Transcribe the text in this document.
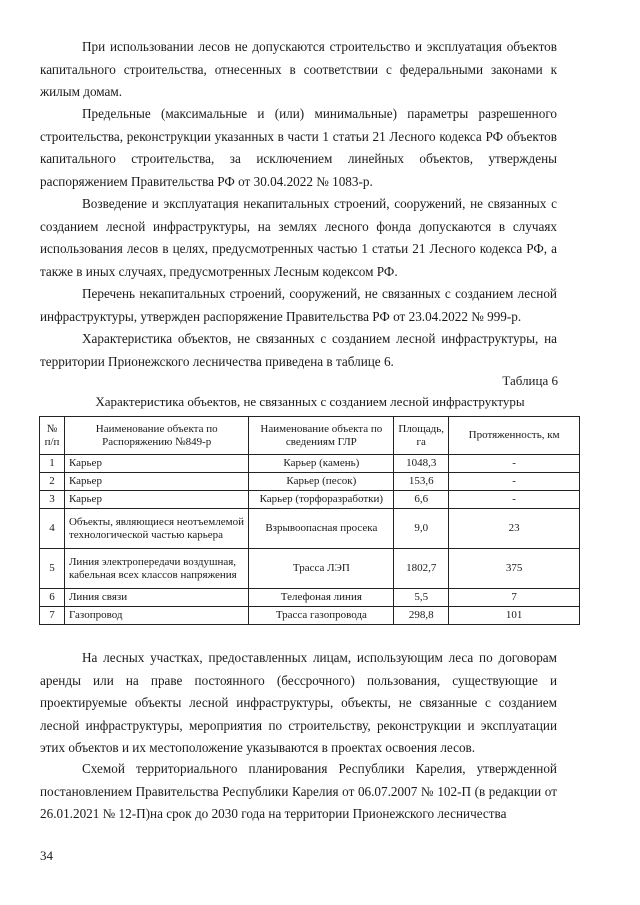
При использовании лесов не допускаются строительство и эксплуатация объектов капитального строительства, отнесенных в соответствии с федеральными законами к жилым домам.

Предельные (максимальные и (или) минимальные) параметры разрешенного строительства, реконструкции указанных в части 1 статьи 21 Лесного кодекса РФ объектов капитального строительства, за исключением линейных объектов, утверждены распоряжением Правительства РФ от 30.04.2022 № 1083-р.

Возведение и эксплуатация некапитальных строений, сооружений, не связанных с созданием лесной инфраструктуры, на землях лесного фонда допускаются в случаях использования лесов в целях, предусмотренных частью 1 статьи 21 Лесного кодекса РФ, а также в иных случаях, предусмотренных Лесным кодексом РФ.

Перечень некапитальных строений, сооружений, не связанных с созданием лесной инфраструктуры, утвержден распоряжение Правительства РФ от 23.04.2022 № 999-р.

Характеристика объектов, не связанных с созданием лесной инфраструктуры, на территории Прионежского лесничества приведена в таблице 6.

Таблица 6

Характеристика объектов, не связанных с созданием лесной инфраструктуры

№ п/п	Наименование объекта по Распоряжению №849-р	Наименование объекта по сведениям ГЛР	Площадь, га	Протяженность, км
1	Карьер	Карьер (камень)	1048,3	-
2	Карьер	Карьер (песок)	153,6	-
3	Карьер	Карьер (торфоразработки)	6,6	-
4	Объекты, являющиеся неотъемлемой технологической частью карьера	Взрывоопасная просека	9,0	23
5	Линия электропередачи воздушная, кабельная всех классов напряжения	Трасса ЛЭП	1802,7	375
6	Линия связи	Телефоная линия	5,5	7
7	Газопровод	Трасса газопровода	298,8	101

На лесных участках, предоставленных лицам, использующим леса по договорам аренды или на праве постоянного (бессрочного) пользования, существующие и проектируемые объекты лесной инфраструктуры, объекты, не связанные с созданием лесной инфраструктуры, мероприятия по строительству, реконструкции и эксплуатации этих объектов и их местоположение указываются в проектах освоения лесов.

Схемой территориального планирования Республики Карелия, утвержденной постановлением Правительства Республики Карелия от 06.07.2007 № 102-П (в редакции от 26.01.2021 № 12-П)на срок до 2030 года на территории Прионежского лесничества

34
